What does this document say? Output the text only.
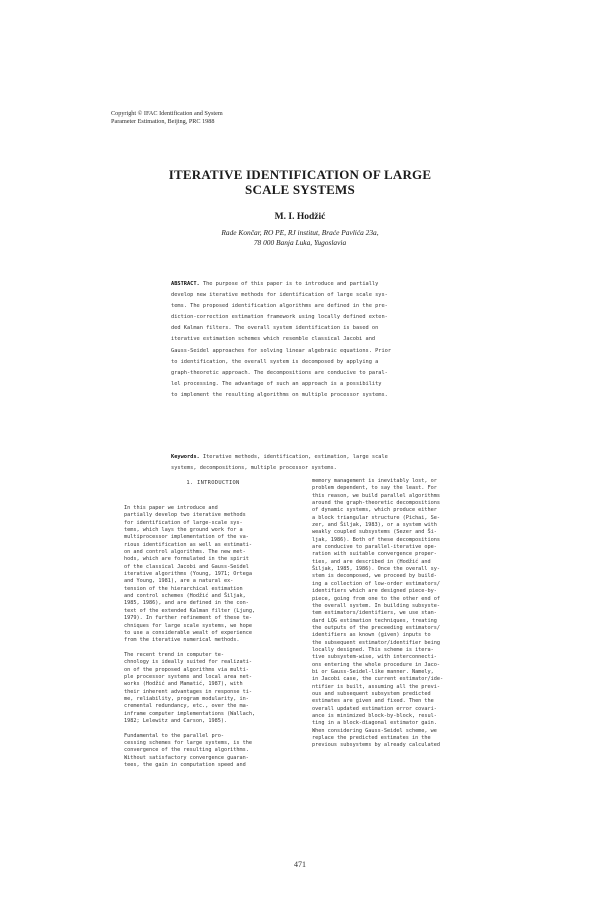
Copyright © IFAC Identification and System
Parameter Estimation, Beijing, PRC 1988
ITERATIVE IDENTIFICATION OF LARGE
SCALE SYSTEMS
M. I. Hodžić
Rade Končar, RO PE, RJ institut, Braće Pavlića 23a,
78 000 Banja Luka, Yugoslavia
ABSTRACT. The purpose of this paper is to introduce and partially
develop new iterative methods for identification of large scale sys-
tems. The proposed identification algorithms are defined in the pre-
diction-correction estimation framework using locally defined exten-
ded Kalman filters. The overall system identification is based on
iterative estimation schemes which resemble classical Jacobi and
Gauss-Seidel approaches for solving linear algebraic equations. Prior
to identification, the overall system is decomposed by applying a
graph-theoretic approach. The decompositions are conducive to paral-
lel processing. The advantage of such an approach is a possibility
to implement the resulting algorithms on multiple processor systems.
Keywords. Iterative methods, identification, estimation, large scale
systems, decompositions, multiple processor systems.
1. INTRODUCTION
In this paper we introduce and
partially develop two iterative methods
for identification of large-scale sys-
tems, which lays the ground work for a
multiprocessor implementation of the va-
rious identification as well as estimati-
on and control algorithms. The new met-
hods, which are formulated in the spirit
of the classical Jacobi and Gauss-Seidel
iterative algorithms (Young, 1971; Ortega
and Young, 1981), are a natural ex-
tension of the hierarchical estimation
and control schemes (Hodžić and Šiljak,
1985, 1986), and are defined in the con-
text of the extended Kalman filter (Ljung,
1979). In further refinement of these te-
chniques for large scale systems, we hope
to use a considerable wealt of experience
from the iterative numerical methods.
The recent trend in computer te-
chnology is ideally suited for realizati-
on of the proposed algorithms via multi-
ple processor systems and local area net-
works (Hodžić and Mamatić, 1987), with
their inherent advantages in response ti-
me, reliability, program modularity, in-
cremental redundancy, etc., over the ma-
inframe computer implementations (Wallach,
1982; Lelewitz and Carson, 1985).
Fundamental to the parallel pro-
cessing schemes for large systems, is the
convergence of the resulting algorithms.
Without satisfactory convergence guaran-
tees, the gain in computation speed and
memory management is inevitably lost, or
problem dependent, to say the least. For
this reason, we build parallel algorithms
around the graph-theoretic decompositions
of dynamic systems, which produce either
a block triangular structure (Pichai, Se-
zer, and Šiljak, 1983), or a system with
weakly coupled subsystems (Sezer and Ši-
ljak, 1986). Both of these decompositions
are conducive to parallel-iterative ope-
ration with suitable convergence proper-
ties, and are described in (Hodžić and
Šiljak, 1985, 1986). Once the overall sy-
stem is decomposed, we proceed by build-
ing a collection of low-order estimators/
identifiers which are designed piece-by-
piece, going from one to the other end of
the overall system. In building subsyste-
tem estimators/identifiers, we use stan-
dard LQG estimation techniques, treating
the outputs of the preceeding estimators/
identifiers as known (given) inputs to
the subsequent estimator/identifier being
locally designed. This scheme is itera-
tive subsystem-wise, with interconnecti-
ons entering the whole procedure in Jaco-
bi or Gauss-Seidel-like manner. Namely,
in Jacobi case, the current estimator/ide-
ntifier is built, assuming all the previ-
ous and subsequent subsystem predicted
estimates are given and fixed. Then the
overall updated estimation error covari-
ance is minimized block-by-block, resul-
ting in a block-diagonal estimator gain.
When considering Gauss-Seidel scheme, we
replace the predicted estimates in the
previous subsystems by already calculated
471
